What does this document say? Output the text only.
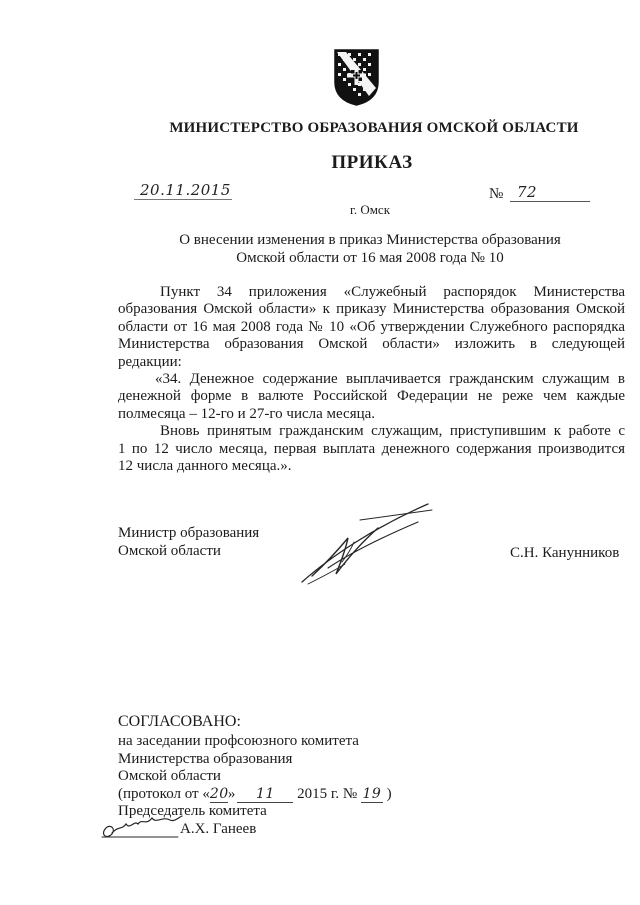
МИНИСТЕРСТВО ОБРАЗОВАНИЯ ОМСКОЙ ОБЛАСТИ
ПРИКАЗ
20.11.2015	№ 72
г. Омск
О внесении изменения в приказ Министерства образования
Омской области от 16 мая 2008 года № 10
Пункт 34 приложения «Служебный распорядок Министерства
образования Омской области» к приказу Министерства образования Омской
области от 16 мая 2008 года № 10 «Об утверждении Служебного распорядка
Министерства образования Омской области» изложить в следующей
редакции:
«34. Денежное содержание выплачивается гражданским служащим в
денежной форме в валюте Российской Федерации не реже чем каждые
полмесяца – 12-го и 27-го числа месяца.
Вновь принятым гражданским служащим, приступившим к работе с
1 по 12 число месяца, первая выплата денежного содержания производится
12 числа данного месяца.».
Министр образования
Омской области	С.Н. Канунников
СОГЛАСОВАНО:
на заседании профсоюзного комитета
Министерства образования
Омской области
(протокол от «20» 11 2015 г. № 19 )
Председатель комитета
А.Х. Ганеев
